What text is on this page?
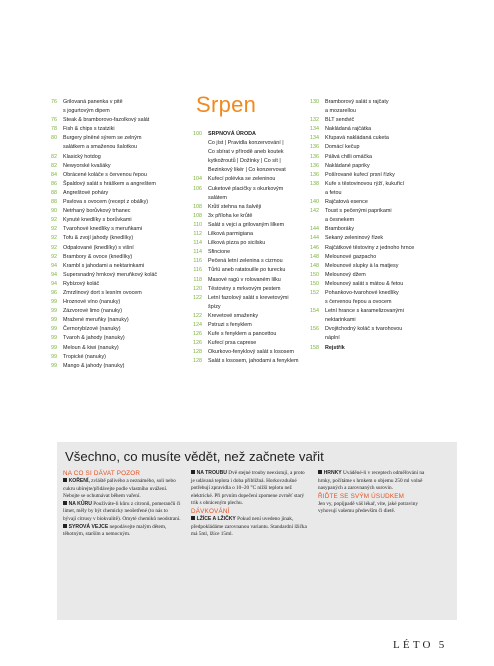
76 Grilovaná panenka v pitě
s jogurtovým dipem
76 Steak & bramborovo-fazolkový salát
78 Fish & chips s tzatziki
80 Burgery plněné sýrem se zelným
salátkem a smaženou šalotkou
82 Klasický hotdog
82 Newyorské kvašáky
84 Obrácené koláče s červenou řepou
86 Špaldový salát s hráškem a angreštem
88 Angreštové poháry
88 Pavlova s ovocem (recept z obálky)
90 Netrhaný borůvkový trhanec
92 Kynuté knedlíky s borůvkami
92 Tvarohové knedlíky s meruňkami
92 Tofu & zvojí jahody (knedlíky)
92 Odpalované (knedlíky) s višní
92 Brambory & ovoce (knedlíky)
94 Krambl s jahodami a nektarinkami
94 Supersnadný hrnkový meruňkový koláč
94 Rybízový koláč
96 Zmrzlinový dort s lesním ovocem
99 Hroznové víno (nanuky)
99 Zázvorové limo (nanuky)
99 Mražené meruňky (nanuky)
99 Černorybízové (nanuky)
99 Tvaroh & jahody (nanuky)
99 Meloun & kiwi (nanuky)
99 Tropické (nanuky)
99 Mango & jahody (nanuky)
Srpen
100 SRPNOVÁ ÚRODA
Co jíst | Pravidla konzervování |
Co sbírat v přírodě aneb koutek
kytkožroutů | Dožínky | Co sít |
Bezinkový likér | Co konzervovat
104 Kuřecí polévka se zeleninou
106 Cuketové placičky s okurkovým
salátem
108 Krůtí stehna na šalvěji
108 3x příloha ke krůtě
110 Salát s vejci a grilovaným lilkem
112 Lilková parmigiana
114 Lilková pizza po sicilsku
114 Sfincione
116 Pečená letní zelenina s cizrnou
116 Tůrlü aneb ratatouille po turecku
118 Masové ragú v rolovaném lilku
120 Těstoviny s mrkvovým pestem
122 Letní fazolový salát s krevetovými
špízy
122 Krevetové smaženky
124 Pstruzi s fenyklem
126 Kuře s fenyklem a pancettou
126 Kuřecí prsa caprese
128 Okurkovo-fenyklový salát s lososem
128 Salát s lososem, jahodami a fenyklem
130 Bramborový salát s rajčaty
a mozarellou
132 BLT sendvič
134 Nakládaná rajčátka
134 Křupavá nakládaná cuketa
136 Domácí kečup
136 Pálivá chilli omáčka
136 Nakládané papriky
136 Pošírované kuřecí prsní řízky
138 Kuře s těstovinovou rýží, kukuřicí
a fetou
140 Rajčatová esence
142 Toust s pečenými paprikami
a česnekem
144 Bramboráky
144 Sekaný zeleninový řízek
146 Rajčátkové těstoviny z jednoho hrnce
148 Melounové gazpacho
148 Melounové slupky à la matjesy
150 Melounový džem
150 Melounový salát s mátou & fetou
152 Pohankovo-tvarohové knedlíky
s červenou řepou a ovocem
154 Letní hrance s karamelizovanými
nektarinkami
156 Dvojitchodný koláč s tvarohovou
náplní
158 Rejstřík
Všechno, co musíte vědět, než začnete vařit

NA CO SI DÁVAT POZOR

KOŘENÍ, zvláště pálivého a neznámého, soli nebo cukru ubírejte/přidávejte podle vlastního uvážení. Nebojte se ochutnávat během vaření.

NA KŮRU Používáte-li kůru z citronů, pomerančů či limet, měly by být chemicky neošetřené (to nás to bývají citrusy v biokvalitě). Omyté chemiků neodstraní.

SYROVÁ VEJCE nepodávejte malým dětem, těhotným, starším a nemocným.

NA TROUBU Dvě stejné trouby neexistují, a proto je udávaná teplota i doba přibližná. Horkovzdušné potřebují zpravidla o 10–20 °C nižší teplotu než elektrické. Při prvním dopečení zpomene zvrněť starý trik s obráceným plechu.

DÁVKOVÁNÍ

LŽÍCE A LŽIČKY Pokud není uvedeno jinak, předpokládáme zarovnanou variantu. Standardní lžička má 5ml, lžíce 15ml.

HRNKY Uváděné-li v receptech odměřování na hrnky, počítáme s hrnkem o objemu 250 ml volně nasypaných a zarovnaných surovin.

ŘIĎTE SE SVÝM ÚSUDKEM

Jen vy, popíjpadě váš lékař, víte, jaké potraviny vyhovují vašemu především či dietě.

LÉTO 5
